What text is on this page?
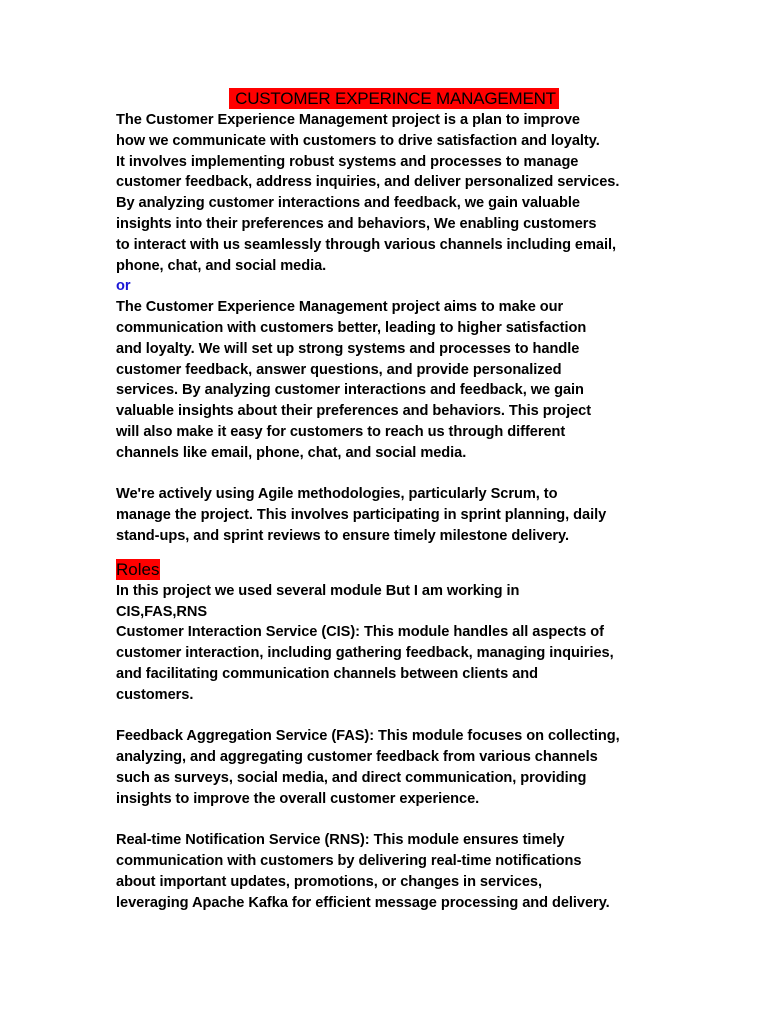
CUSTOMER EXPERINCE MANAGEMENT

The Customer Experience Management project is a plan to improve
how we communicate with customers to drive satisfaction and loyalty.
It involves implementing robust systems and processes to manage
customer feedback, address inquiries, and deliver personalized services.
By analyzing customer interactions and feedback, we gain valuable
insights into their preferences and behaviors, We enabling customers
to interact with us seamlessly through various channels including email,
phone, chat, and social media.

or

The Customer Experience Management project aims to make our
communication with customers better, leading to higher satisfaction
and loyalty. We will set up strong systems and processes to handle
customer feedback, answer questions, and provide personalized
services. By analyzing customer interactions and feedback, we gain
valuable insights about their preferences and behaviors. This project
will also make it easy for customers to reach us through different
channels like email, phone, chat, and social media.

We're actively using Agile methodologies, particularly Scrum, to
manage the project. This involves participating in sprint planning, daily
stand-ups, and sprint reviews to ensure timely milestone delivery.

Roles

In this project we used several module But I am working in
CIS,FAS,RNS
Customer Interaction Service (CIS): This module handles all aspects of
customer interaction, including gathering feedback, managing inquiries,
and facilitating communication channels between clients and
customers.

Feedback Aggregation Service (FAS): This module focuses on collecting,
analyzing, and aggregating customer feedback from various channels
such as surveys, social media, and direct communication, providing
insights to improve the overall customer experience.

Real-time Notification Service (RNS): This module ensures timely
communication with customers by delivering real-time notifications
about important updates, promotions, or changes in services,
leveraging Apache Kafka for efficient message processing and delivery.
